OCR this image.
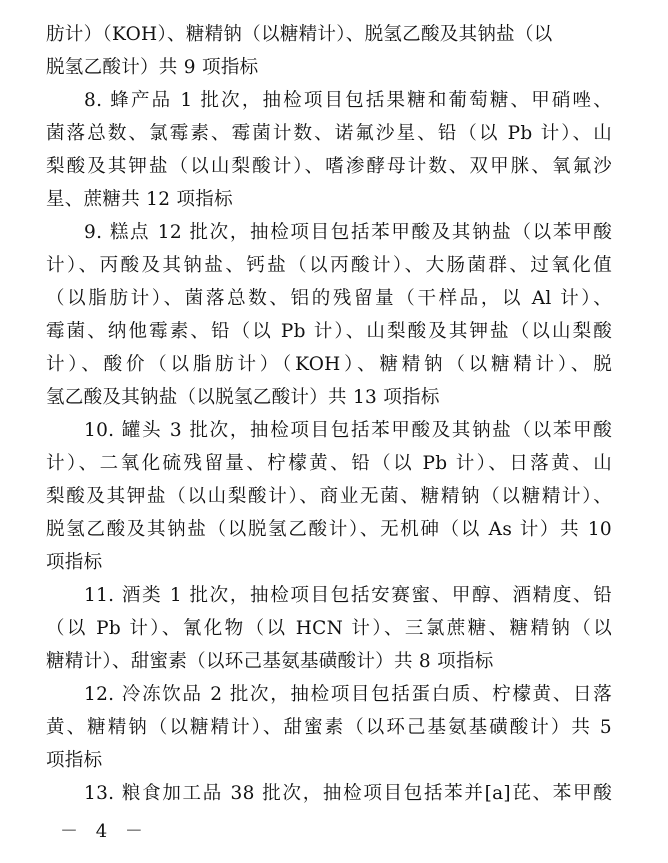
肪计）（KOH）、糖精钠（以糖精计）、脱氢乙酸及其钠盐（以

脱氢乙酸计）共 9 项指标

8. 蜂产品 1 批次，抽检项目包括果糖和葡萄糖、甲硝唑、

菌落总数、氯霉素、霉菌计数、诺氟沙星、铅（以 Pb 计）、山

梨酸及其钾盐（以山梨酸计）、嗜渗酵母计数、双甲脒、氧氟沙

星、蔗糖共 12 项指标

9. 糕点 12 批次，抽检项目包括苯甲酸及其钠盐（以苯甲酸

计）、丙酸及其钠盐、钙盐（以丙酸计）、大肠菌群、过氧化值

（以脂肪计）、菌落总数、铝的残留量（干样品，以 Al 计）、

霉菌、纳他霉素、铅（以 Pb 计）、山梨酸及其钾盐（以山梨酸

计）、酸价（以脂肪计）（KOH）、糖精钠（以糖精计）、脱

氢乙酸及其钠盐（以脱氢乙酸计）共 13 项指标

10. 罐头 3 批次，抽检项目包括苯甲酸及其钠盐（以苯甲酸

计）、二氧化硫残留量、柠檬黄、铅（以 Pb 计）、日落黄、山

梨酸及其钾盐（以山梨酸计）、商业无菌、糖精钠（以糖精计）、

脱氢乙酸及其钠盐（以脱氢乙酸计）、无机砷（以 As 计）共 10

项指标

11. 酒类 1 批次，抽检项目包括安赛蜜、甲醇、酒精度、铅

（以 Pb 计）、氰化物（以 HCN 计）、三氯蔗糖、糖精钠（以

糖精计）、甜蜜素（以环己基氨基磺酸计）共 8 项指标

12. 冷冻饮品 2 批次，抽检项目包括蛋白质、柠檬黄、日落

黄、糖精钠（以糖精计）、甜蜜素（以环己基氨基磺酸计）共 5

项指标

13. 粮食加工品 38 批次，抽检项目包括苯并[a]芘、苯甲酸

－ 4 －
